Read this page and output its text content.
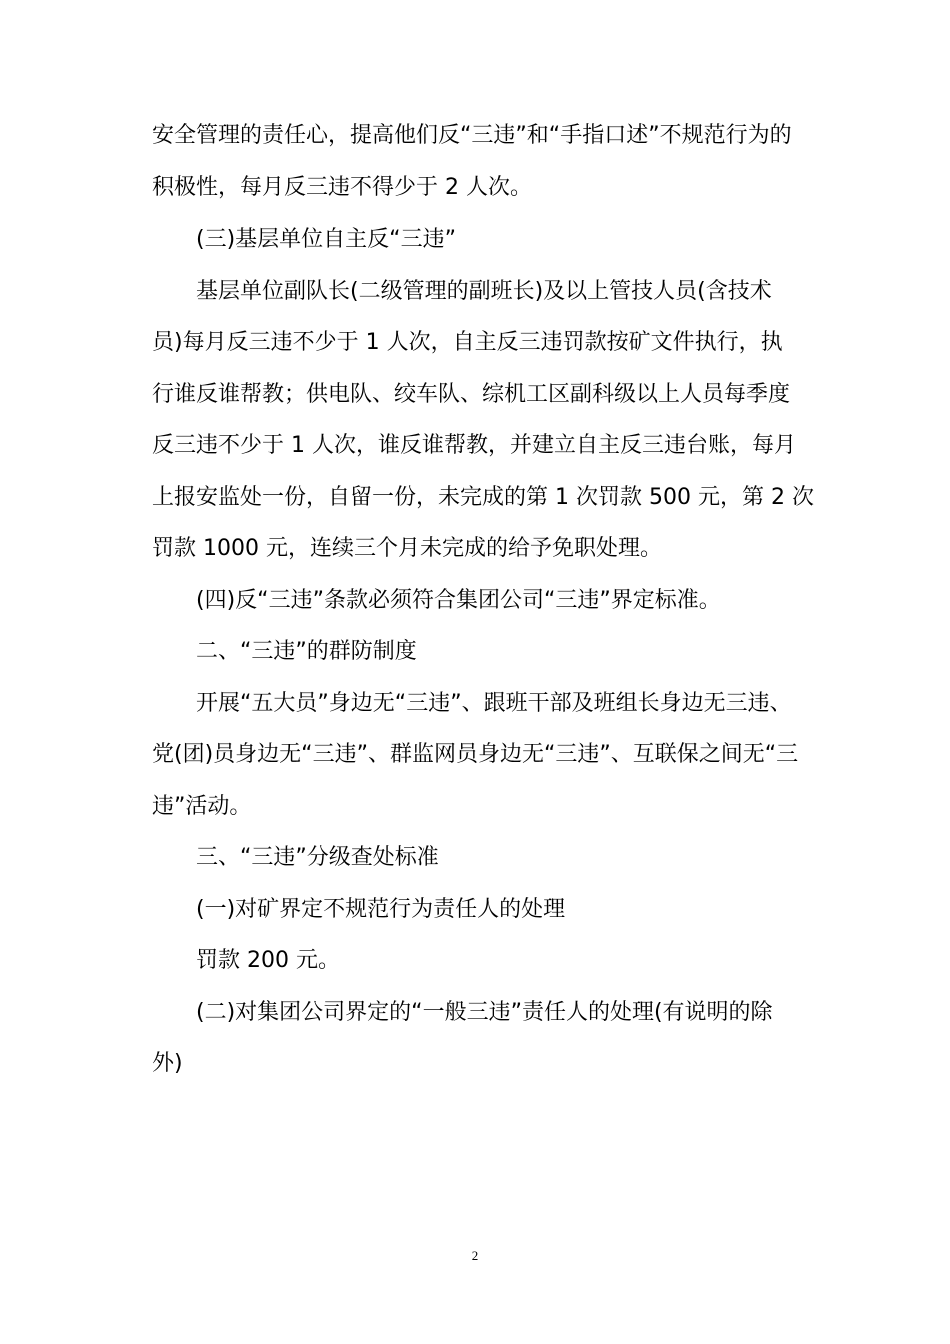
安全管理的责任心，提高他们反“三违”和“手指口述”不规范行为的
积极性，每月反三违不得少于 2 人次。
(三)基层单位自主反“三违”
基层单位副队长(二级管理的副班长)及以上管技人员(含技术
员)每月反三违不少于 1 人次，自主反三违罚款按矿文件执行，执
行谁反谁帮教；供电队、绞车队、综机工区副科级以上人员每季度
反三违不少于 1 人次，谁反谁帮教，并建立自主反三违台账，每月
上报安监处一份，自留一份，未完成的第 1 次罚款 500 元，第 2 次
罚款 1000 元，连续三个月未完成的给予免职处理。
(四)反“三违”条款必须符合集团公司“三违”界定标准。
二、“三违”的群防制度
开展“五大员”身边无“三违”、跟班干部及班组长身边无三违、
党(团)员身边无“三违”、群监网员身边无“三违”、互联保之间无“三
违”活动。
三、“三违”分级查处标准
(一)对矿界定不规范行为责任人的处理
罚款 200 元。
(二)对集团公司界定的“一般三违”责任人的处理(有说明的除
外)
2
